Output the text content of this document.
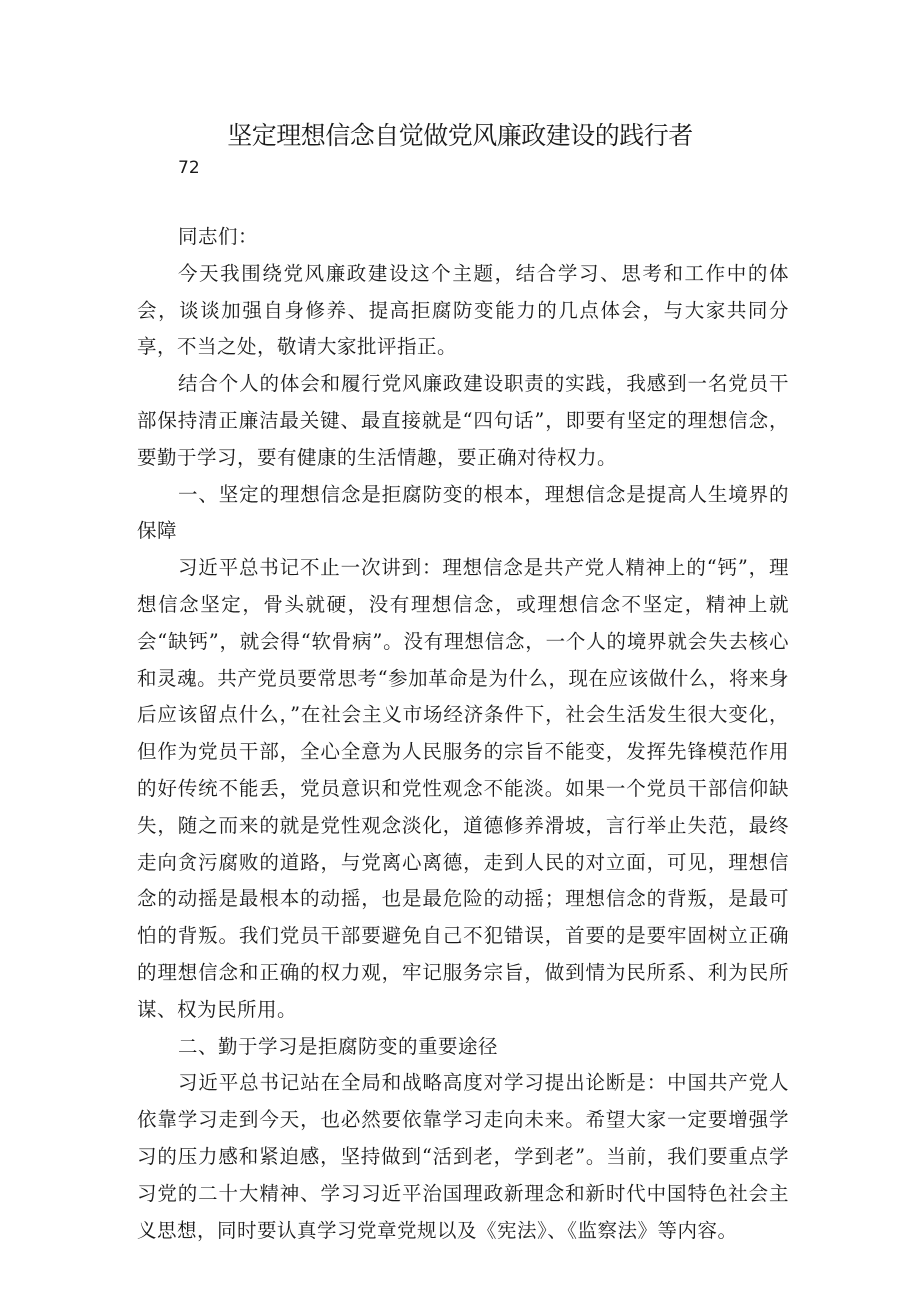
坚定理想信念自觉做党风廉政建设的践行者
72

同志们：

今天我围绕党风廉政建设这个主题，结合学习、思考和工作中的体会，谈谈加强自身修养、提高拒腐防变能力的几点体会，与大家共同分享，不当之处，敬请大家批评指正。

结合个人的体会和履行党风廉政建设职责的实践，我感到一名党员干部保持清正廉洁最关键、最直接就是“四句话”，即要有坚定的理想信念，要勤于学习，要有健康的生活情趣，要正确对待权力。

一、坚定的理想信念是拒腐防变的根本，理想信念是提高人生境界的保障

习近平总书记不止一次讲到：理想信念是共产党人精神上的“钙”，理想信念坚定，骨头就硬，没有理想信念，或理想信念不坚定，精神上就会“缺钙”，就会得“软骨病”。没有理想信念，一个人的境界就会失去核心和灵魂。共产党员要常思考“参加革命是为什么，现在应该做什么，将来身后应该留点什么，”在社会主义市场经济条件下，社会生活发生很大变化，但作为党员干部，全心全意为人民服务的宗旨不能变，发挥先锋模范作用的好传统不能丢，党员意识和党性观念不能淡。如果一个党员干部信仰缺失，随之而来的就是党性观念淡化，道德修养滑坡，言行举止失范，最终走向贪污腐败的道路，与党离心离德，走到人民的对立面，可见，理想信念的动摇是最根本的动摇，也是最危险的动摇；理想信念的背叛，是最可怕的背叛。我们党员干部要避免自己不犯错误，首要的是要牢固树立正确的理想信念和正确的权力观，牢记服务宗旨，做到情为民所系、利为民所谋、权为民所用。

二、勤于学习是拒腐防变的重要途径

习近平总书记站在全局和战略高度对学习提出论断是：中国共产党人依靠学习走到今天，也必然要依靠学习走向未来。希望大家一定要增强学习的压力感和紧迫感，坚持做到“活到老，学到老”。当前，我们要重点学习党的二十大精神、学习习近平治国理政新理念和新时代中国特色社会主义思想，同时要认真学习党章党规以及《宪法》、《监察法》等内容。
